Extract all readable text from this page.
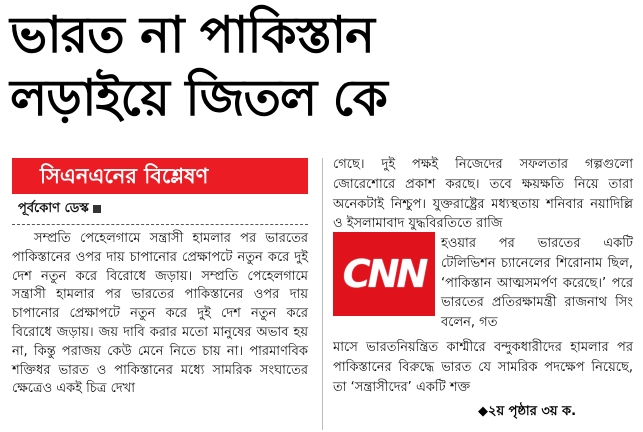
ভারত না পাকিস্তান
লড়াইয়ে জিতল কে
সিএনএনের বিশ্লেষণ
পূর্বকোণ ডেস্ক

সম্প্রতি পেহেলগামে সন্ত্রাসী হামলার পর ভারতের পাকিস্তানের ওপর দায় চাপানোর প্রেক্ষাপটে নতুন করে দুই দেশ নতুন করে বিরোধে জড়ায়। সম্প্রতি পেহেলগামে সন্ত্রাসী হামলার পর ভারতের পাকিস্তানের ওপর দায় চাপানোর প্রেক্ষাপটে নতুন করে দুই দেশ নতুন করে বিরোধে জড়ায়। জয় দাবি করার মতো মানুষের অভাব হয় না, কিন্তু পরাজয় কেউ মেনে নিতে চায় না। পারমাণবিক শক্তিধর ভারত ও পাকিস্তানের মধ্যে সামরিক সংঘাতের ক্ষেত্রেও একই চিত্র দেখা

গেছে। দুই পক্ষই নিজেদের সফলতার গল্পগুলো জোরেশোরে প্রকাশ করছে। তবে ক্ষয়ক্ষতি নিয়ে তারা অনেকটাই নিশ্চুপ। যুক্তরাষ্ট্রের মধ্যস্থতায় শনিবার নয়াদিল্লি ও ইসলামাবাদ যুদ্ধবিরতিতে রাজি
CNN
হওয়ার পর ভারতের একটি টেলিভিশন চ্যানেলের শিরোনাম ছিল, ‘পাকিস্তান আত্মসমর্পণ করেছে।’ পরে ভারতের প্রতিরক্ষামন্ত্রী রাজনাথ সিং বলেন, গত
মাসে ভারতনিয়ন্ত্রিত কাশ্মীরে বন্দুকধারীদের হামলার পর পাকিস্তানের বিরুদ্ধে ভারত যে সামরিক পদক্ষেপ নিয়েছে, তা ‘সন্ত্রাসীদের’ একটি শক্ত
◆২য় পৃষ্ঠার ৩য় ক.
